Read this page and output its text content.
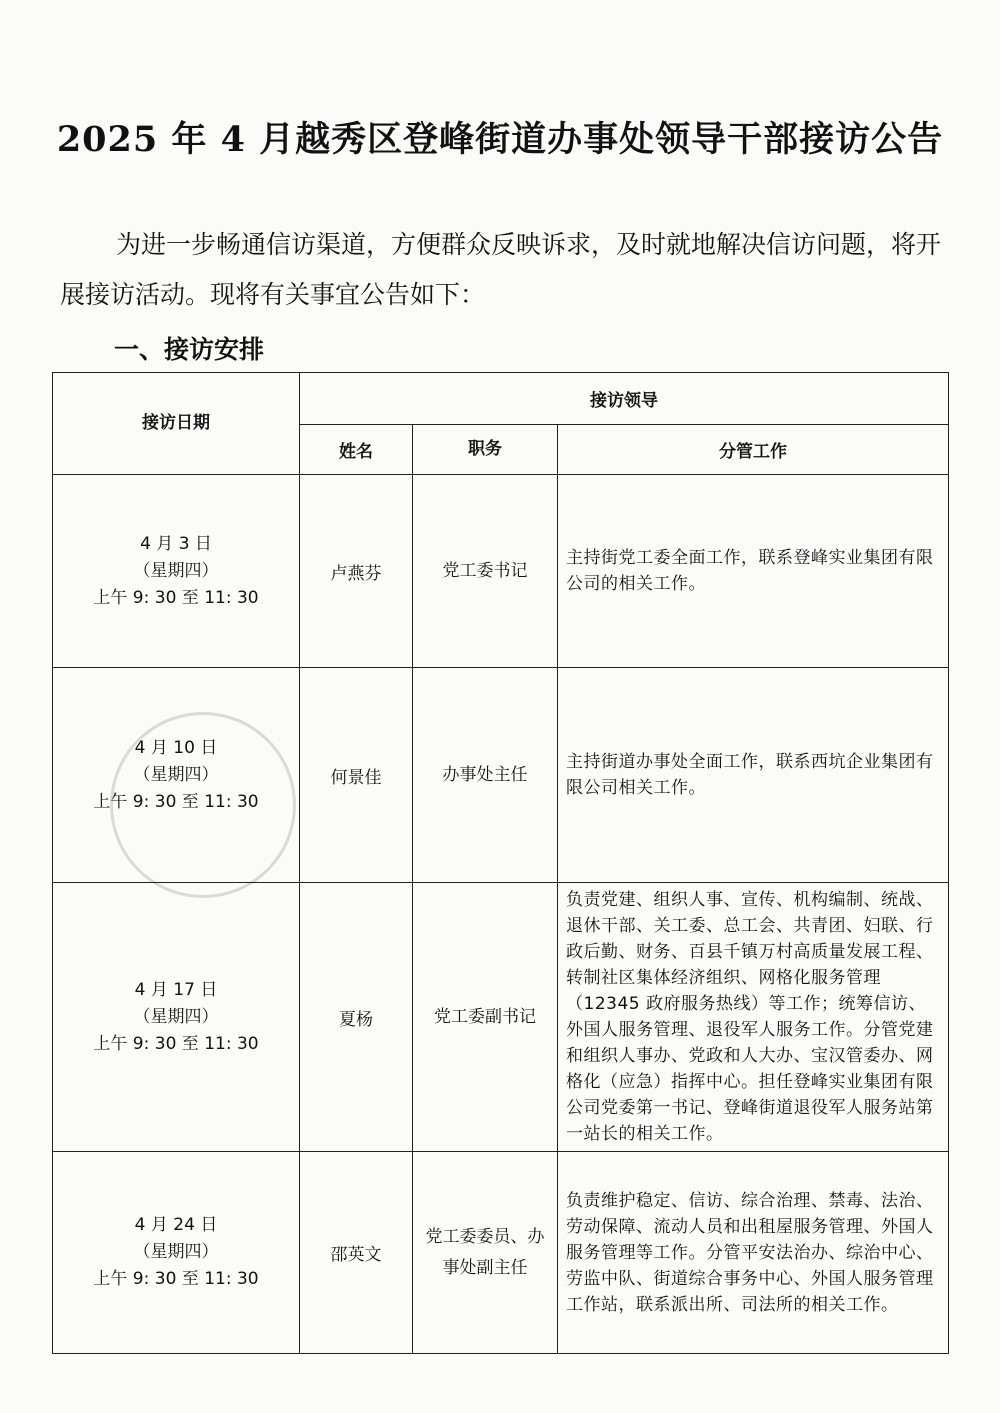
2025 年 4 月越秀区登峰街道办事处领导干部接访公告
为进一步畅通信访渠道，方便群众反映诉求，及时就地解决信访问题，将开展接访活动。现将有关事宜公告如下：
一、接访安排
接访日期	接访领导		
	姓名	职务	分管工作

4 月 3 日
（星期四）
上午 9: 30 至 11: 30	卢燕芬	党工委书记	主持街党工委全面工作，联系登峰实业集团有限公司的相关工作。

4 月 10 日
（星期四）
上午 9: 30 至 11: 30	何景佳	办事处主任	主持街道办事处全面工作，联系西坑企业集团有限公司相关工作。

4 月 17 日
（星期四）
上午 9: 30 至 11: 30	夏杨	党工委副书记	负责党建、组织人事、宣传、机构编制、统战、退休干部、关工委、总工会、共青团、妇联、行政后勤、财务、百县千镇万村高质量发展工程、转制社区集体经济组织、网格化服务管理（12345 政府服务热线）等工作；统筹信访、外国人服务管理、退役军人服务工作。分管党建和组织人事办、党政和人大办、宝汉管委办、网格化（应急）指挥中心。担任登峰实业集团有限公司党委第一书记、登峰街道退役军人服务站第一站长的相关工作。

4 月 24 日
（星期四）
上午 9: 30 至 11: 30	邵英文	党工委委员、办事处副主任	负责维护稳定、信访、综合治理、禁毒、法治、劳动保障、流动人员和出租屋服务管理、外国人服务管理等工作。分管平安法治办、综治中心、劳监中队、街道综合事务中心、外国人服务管理工作站，联系派出所、司法所的相关工作。
